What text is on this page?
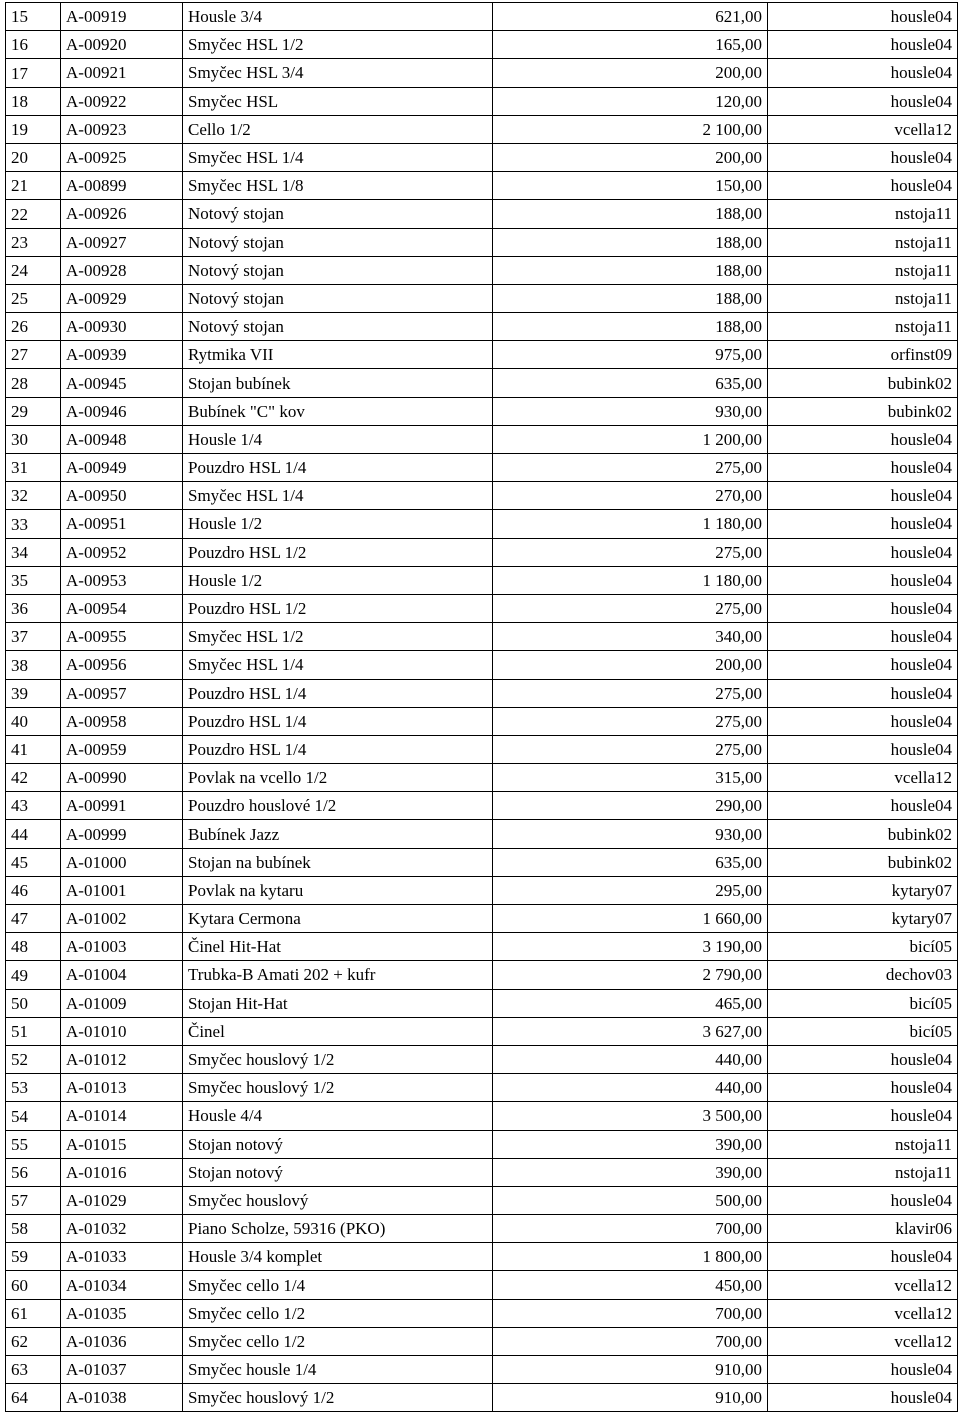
15	A-00919	Housle 3/4	621,00	housle04
16	A-00920	Smyčec HSL 1/2	165,00	housle04
17	A-00921	Smyčec HSL 3/4	200,00	housle04
18	A-00922	Smyčec HSL	120,00	housle04
19	A-00923	Cello 1/2	2 100,00	vcella12
20	A-00925	Smyčec HSL 1/4	200,00	housle04
21	A-00899	Smyčec HSL 1/8	150,00	housle04
22	A-00926	Notový stojan	188,00	nstoja11
23	A-00927	Notový stojan	188,00	nstoja11
24	A-00928	Notový stojan	188,00	nstoja11
25	A-00929	Notový stojan	188,00	nstoja11
26	A-00930	Notový stojan	188,00	nstoja11
27	A-00939	Rytmika VII	975,00	orfinst09
28	A-00945	Stojan bubínek	635,00	bubink02
29	A-00946	Bubínek "C" kov	930,00	bubink02
30	A-00948	Housle 1/4	1 200,00	housle04
31	A-00949	Pouzdro HSL 1/4	275,00	housle04
32	A-00950	Smyčec HSL 1/4	270,00	housle04
33	A-00951	Housle 1/2	1 180,00	housle04
34	A-00952	Pouzdro HSL 1/2	275,00	housle04
35	A-00953	Housle 1/2	1 180,00	housle04
36	A-00954	Pouzdro HSL 1/2	275,00	housle04
37	A-00955	Smyčec HSL 1/2	340,00	housle04
38	A-00956	Smyčec HSL 1/4	200,00	housle04
39	A-00957	Pouzdro HSL 1/4	275,00	housle04
40	A-00958	Pouzdro HSL 1/4	275,00	housle04
41	A-00959	Pouzdro HSL 1/4	275,00	housle04
42	A-00990	Povlak na vcello 1/2	315,00	vcella12
43	A-00991	Pouzdro houslové 1/2	290,00	housle04
44	A-00999	Bubínek Jazz	930,00	bubink02
45	A-01000	Stojan na bubínek	635,00	bubink02
46	A-01001	Povlak na kytaru	295,00	kytary07
47	A-01002	Kytara Cermona	1 660,00	kytary07
48	A-01003	Činel Hit-Hat	3 190,00	bicí05
49	A-01004	Trubka-B Amati 202 + kufr	2 790,00	dechov03
50	A-01009	Stojan Hit-Hat	465,00	bicí05
51	A-01010	Činel	3 627,00	bicí05
52	A-01012	Smyčec houslový 1/2	440,00	housle04
53	A-01013	Smyčec houslový 1/2	440,00	housle04
54	A-01014	Housle 4/4	3 500,00	housle04
55	A-01015	Stojan notový	390,00	nstoja11
56	A-01016	Stojan notový	390,00	nstoja11
57	A-01029	Smyčec houslový	500,00	housle04
58	A-01032	Piano Scholze, 59316 (PKO)	700,00	klavir06
59	A-01033	Housle 3/4 komplet	1 800,00	housle04
60	A-01034	Smyčec cello 1/4	450,00	vcella12
61	A-01035	Smyčec cello 1/2	700,00	vcella12
62	A-01036	Smyčec cello 1/2	700,00	vcella12
63	A-01037	Smyčec housle 1/4	910,00	housle04
64	A-01038	Smyčec houslový 1/2	910,00	housle04
